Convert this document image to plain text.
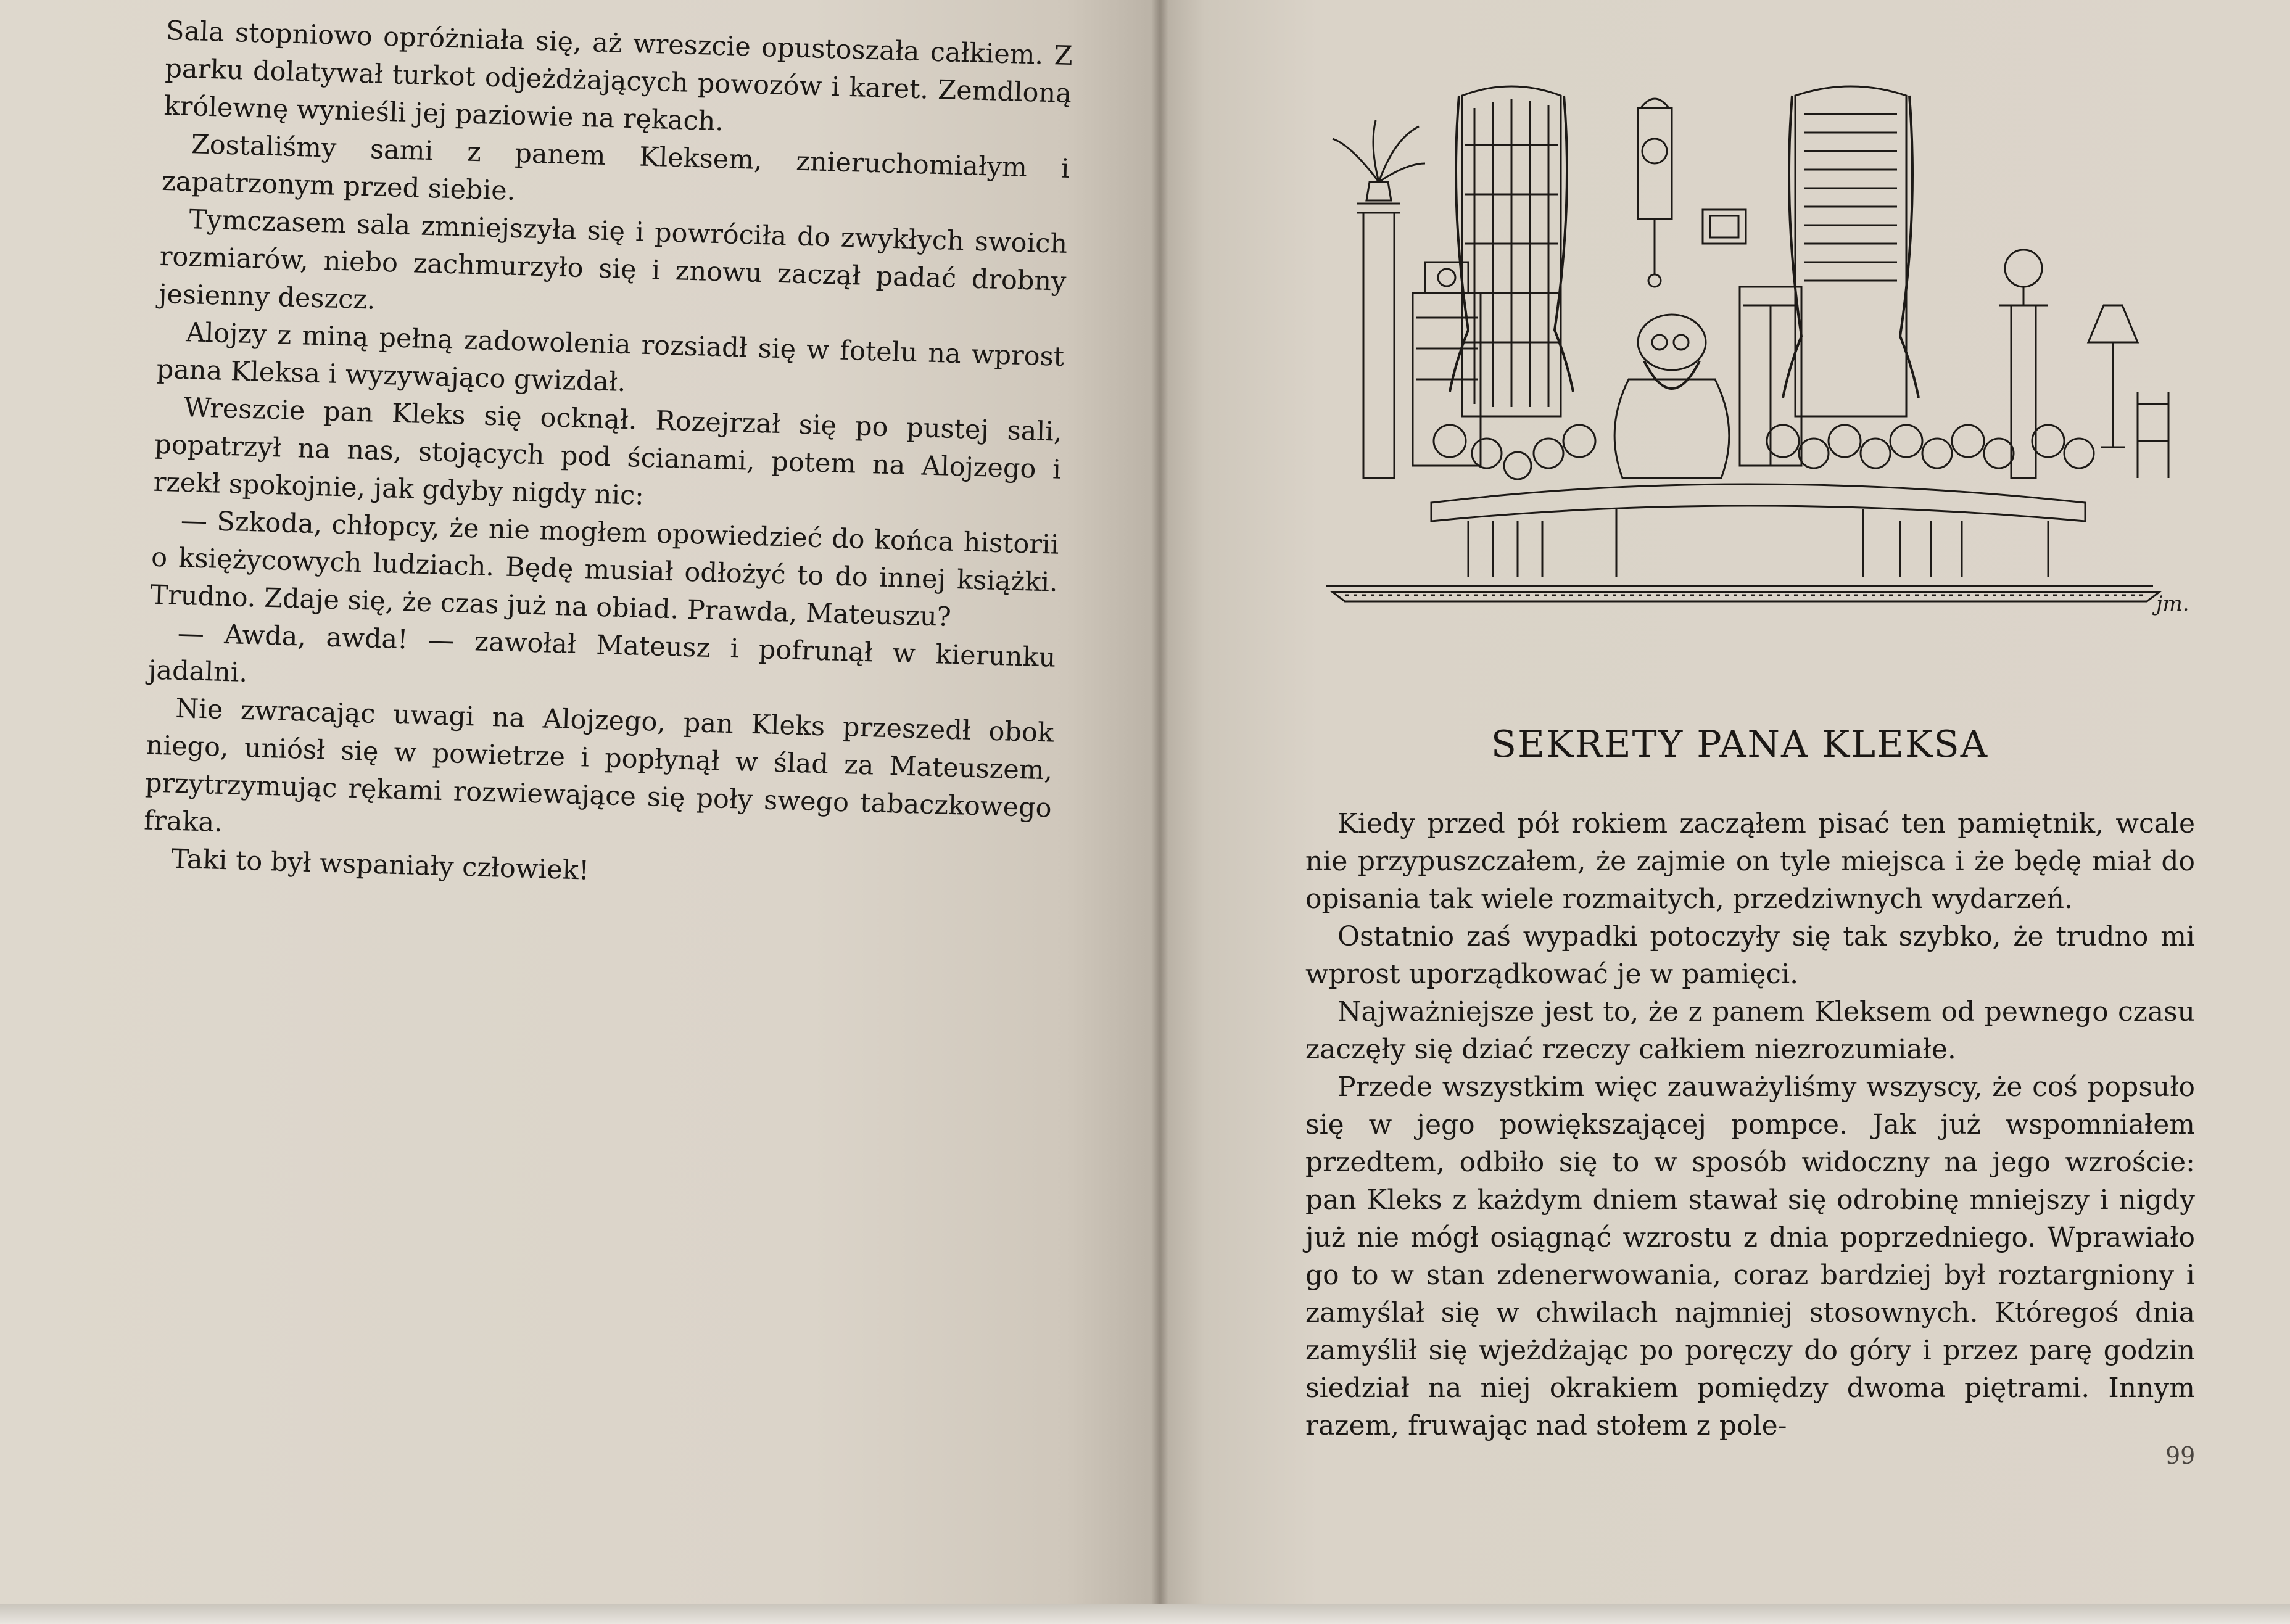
Sala stopniowo opróżniała się, aż wreszcie opustoszała całkiem. Z parku dolatywał turkot odjeżdżających powozów i karet. Zemdloną królewnę wynieśli jej paziowie na rękach.

Zostaliśmy sami z panem Kleksem, znieruchomiałym i zapatrzonym przed siebie.

Tymczasem sala zmniejszyła się i powróciła do zwykłych swoich rozmiarów, niebo zachmurzyło się i znowu zaczął padać drobny jesienny deszcz.

Alojzy z miną pełną zadowolenia rozsiadł się w fotelu na wprost pana Kleksa i wyzywająco gwizdał.

Wreszcie pan Kleks się ocknął. Rozejrzał się po pustej sali, popatrzył na nas, stojących pod ścianami, potem na Alojzego i rzekł spokojnie, jak gdyby nigdy nic:

— Szkoda, chłopcy, że nie mogłem opowiedzieć do końca historii o księżycowych ludziach. Będę musiał odłożyć to do innej książki. Trudno. Zdaje się, że czas już na obiad. Prawda, Mateuszu?

— Awda, awda! — zawołał Mateusz i pofrunął w kierunku jadalni.

Nie zwracając uwagi na Alojzego, pan Kleks przeszedł obok niego, uniósł się w powietrze i popłynął w ślad za Mateuszem, przytrzymując rękami rozwiewające się poły swego tabaczkowego fraka.

Taki to był wspaniały człowiek!

jm.
SEKRETY PANA KLEKSA

Kiedy przed pół rokiem zacząłem pisać ten pamiętnik, wcale nie przypuszczałem, że zajmie on tyle miejsca i że będę miał do opisania tak wiele rozmaitych, przedziwnych wydarzeń.

Ostatnio zaś wypadki potoczyły się tak szybko, że trudno mi wprost uporządkować je w pamięci.

Najważniejsze jest to, że z panem Kleksem od pewnego czasu zaczęły się dziać rzeczy całkiem niezrozumiałe.

Przede wszystkim więc zauważyliśmy wszyscy, że coś popsuło się w jego powiększającej pompce. Jak już wspomniałem przedtem, odbiło się to w sposób widoczny na jego wzroście: pan Kleks z każdym dniem stawał się odrobinę mniejszy i nigdy już nie mógł osiągnąć wzrostu z dnia poprzedniego. Wprawiało go to w stan zdenerwowania, coraz bardziej był roztargniony i zamyślał się w chwilach najmniej stosownych. Któregoś dnia zamyślił się wjeżdżając po poręczy do góry i przez parę godzin siedział na niej okrakiem pomiędzy dwoma piętrami. Innym razem, fruwając nad stołem z pole-

99
